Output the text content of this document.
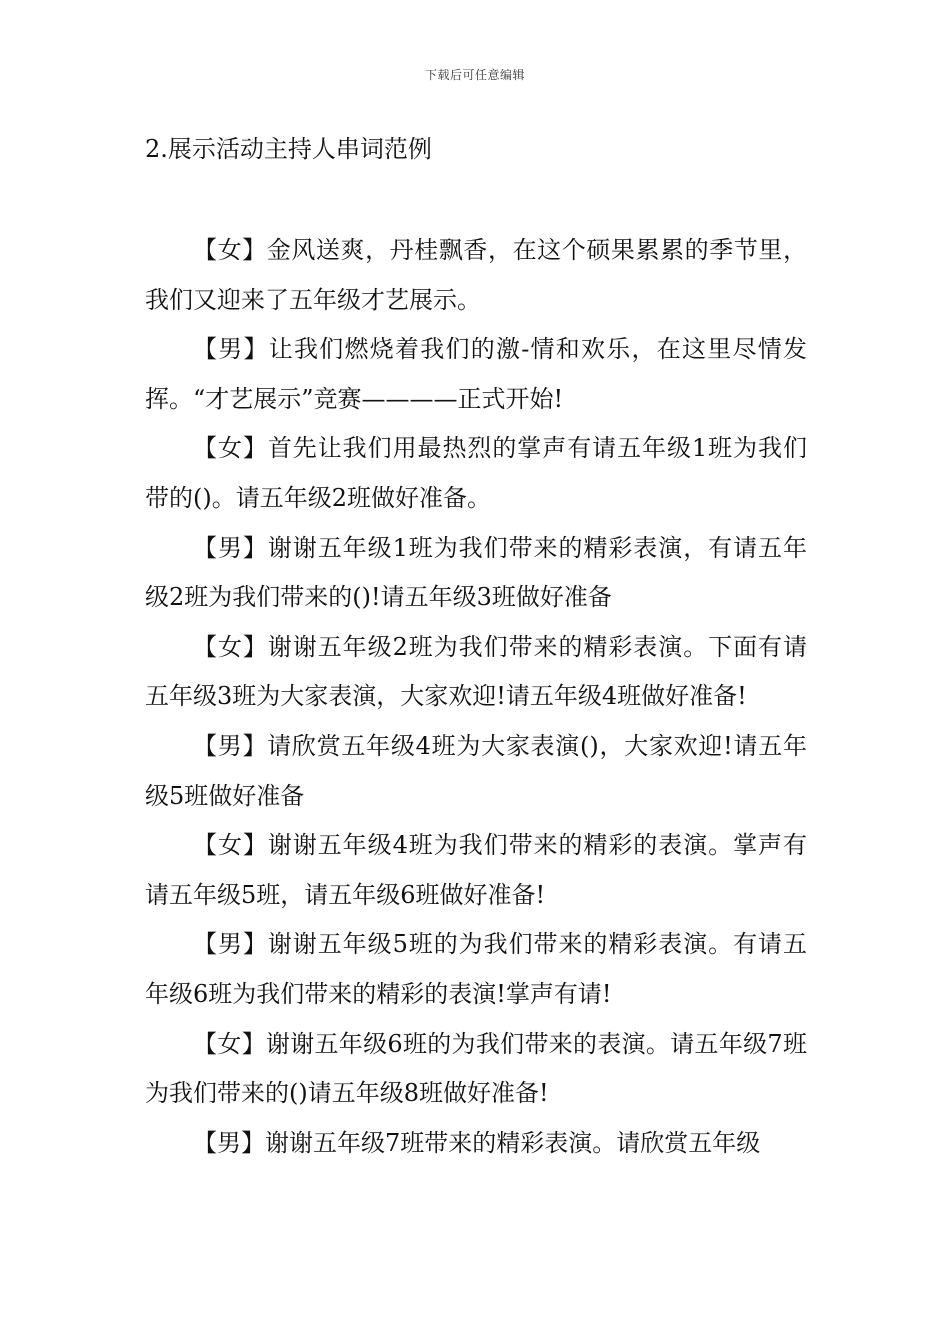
下载后可任意编辑
2.展示活动主持人串词范例

【女】金风送爽，丹桂飘香，在这个硕果累累的季节里，我们又迎来了五年级才艺展示。

【男】让我们燃烧着我们的激-情和欢乐，在这里尽情发挥。“才艺展示”竞赛————正式开始!

【女】首先让我们用最热烈的掌声有请五年级1班为我们带的()。请五年级2班做好准备。

【男】谢谢五年级1班为我们带来的精彩表演，有请五年级2班为我们带来的()!请五年级3班做好准备

【女】谢谢五年级2班为我们带来的精彩表演。下面有请五年级3班为大家表演，大家欢迎!请五年级4班做好准备!

【男】请欣赏五年级4班为大家表演()，大家欢迎!请五年级5班做好准备

【女】谢谢五年级4班为我们带来的精彩的表演。掌声有请五年级5班，请五年级6班做好准备!

【男】谢谢五年级5班的为我们带来的精彩表演。有请五年级6班为我们带来的精彩的表演!掌声有请!

【女】谢谢五年级6班的为我们带来的表演。请五年级7班为我们带来的()请五年级8班做好准备!

【男】谢谢五年级7班带来的精彩表演。请欣赏五年级
